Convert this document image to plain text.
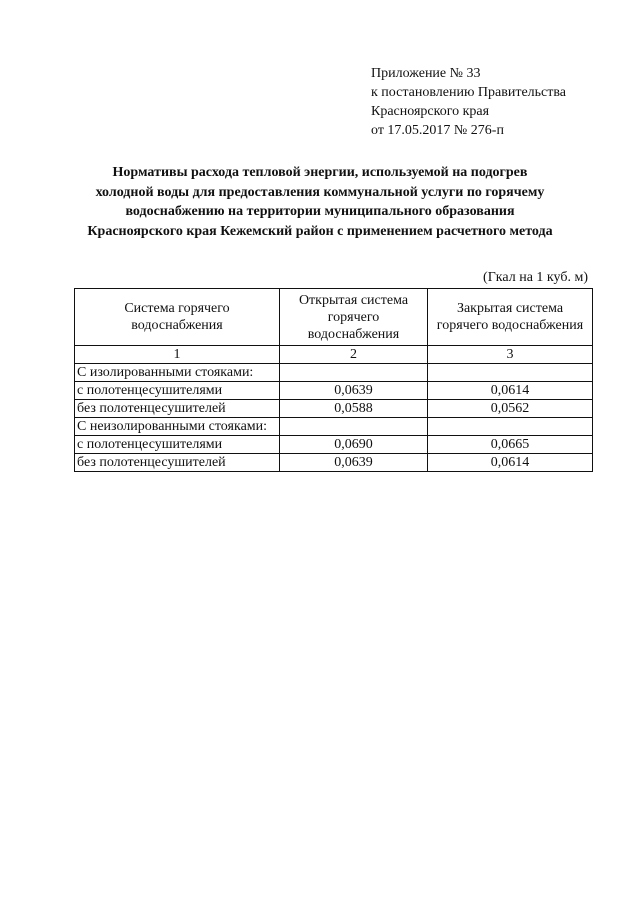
Приложение № 33
к постановлению Правительства
Красноярского края
от 17.05.2017 № 276-п
Нормативы расхода тепловой энергии, используемой на подогрев
холодной воды для предоставления коммунальной услуги по горячему
водоснабжению на территории муниципального образования
Красноярского края Кежемский район с применением расчетного метода
(Гкал на 1 куб. м)
Система горячего водоснабжения	Открытая система горячего водоснабжения	Закрытая система горячего водоснабжения
1	2	3
С изолированными стояками:		
с полотенцесушителями	0,0639	0,0614
без полотенцесушителей	0,0588	0,0562
С неизолированными стояками:		
с полотенцесушителями	0,0690	0,0665
без полотенцесушителей	0,0639	0,0614
